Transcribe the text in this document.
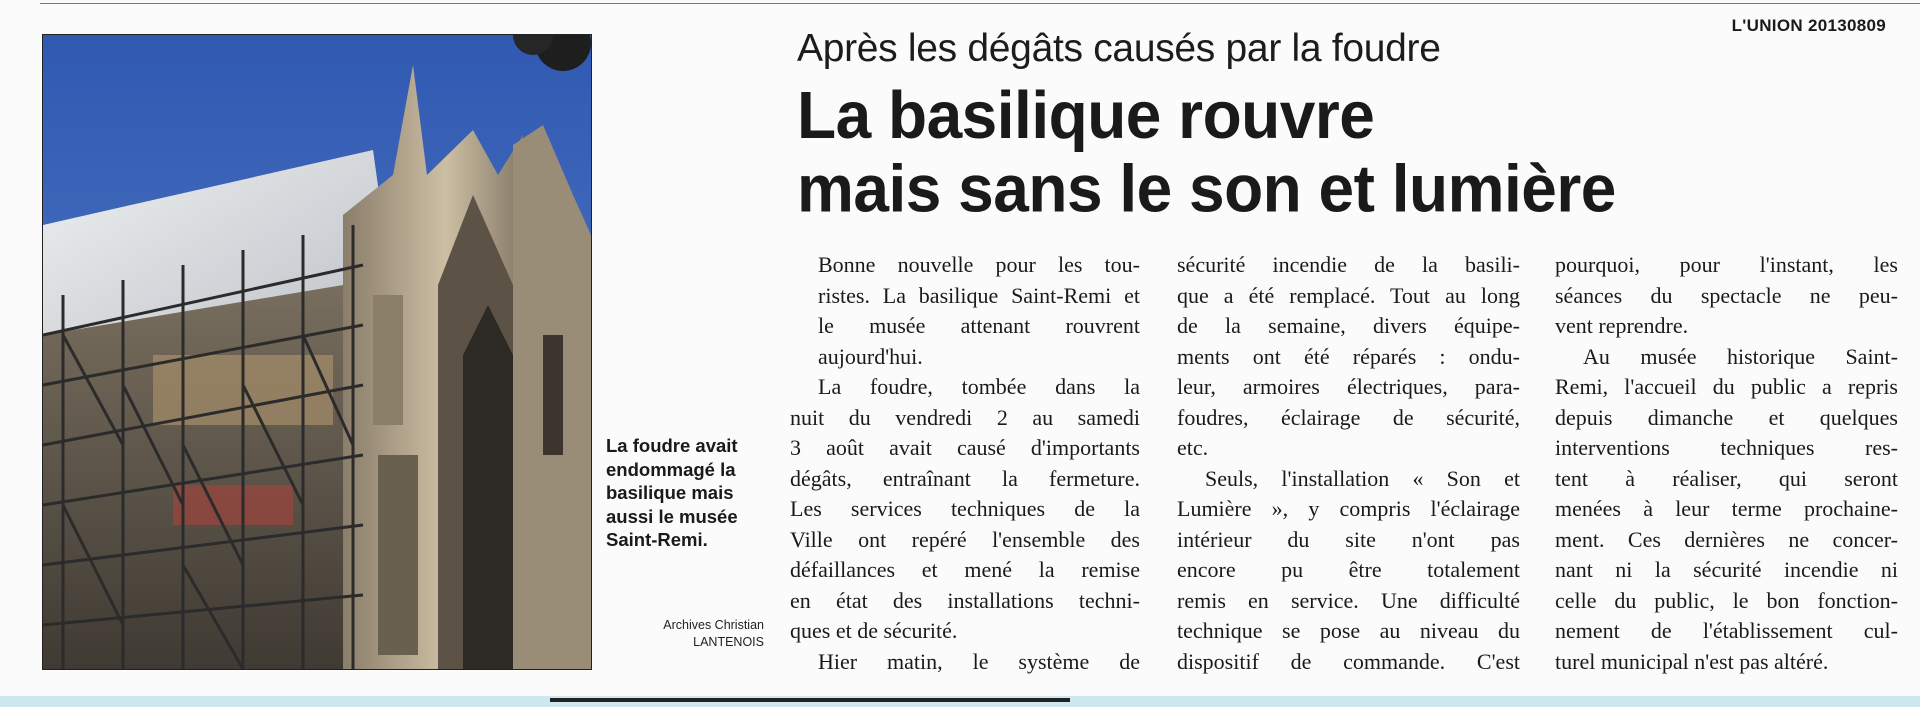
L'UNION 20130809
La foudre avait endommagé la basilique mais aussi le musée Saint-Remi.
Archives Christian
LANTENOIS
Après les dégâts causés par la foudre
La basilique rouvre
mais sans le son et lumière

Bonne nouvelle pour les tou-
ristes. La basilique Saint-Remi et
le musée attenant rouvrent
aujourd'hui.

La foudre, tombée dans la
nuit du vendredi 2 au samedi
3 août avait causé d'importants
dégâts, entraînant la fermeture.
Les services techniques de la
Ville ont repéré l'ensemble des
défaillances et mené la remise
en état des installations techni-
ques et de sécurité.

Hier matin, le système de

sécurité incendie de la basili-
que a été remplacé. Tout au long
de la semaine, divers équipe-
ments ont été réparés : ondu-
leur, armoires électriques, para-
foudres, éclairage de sécurité,
etc.

Seuls, l'installation « Son et
Lumière », y compris l'éclairage
intérieur du site n'ont pas
encore pu être totalement
remis en service. Une difficulté
technique se pose au niveau du
dispositif de commande. C'est

pourquoi, pour l'instant, les
séances du spectacle ne peu-
vent reprendre.

Au musée historique Saint-
Remi, l'accueil du public a repris
depuis dimanche et quelques
interventions techniques res-
tent à réaliser, qui seront
menées à leur terme prochaine-
ment. Ces dernières ne concer-
nant ni la sécurité incendie ni
celle du public, le bon fonction-
nement de l'établissement cul-
turel municipal n'est pas altéré.
